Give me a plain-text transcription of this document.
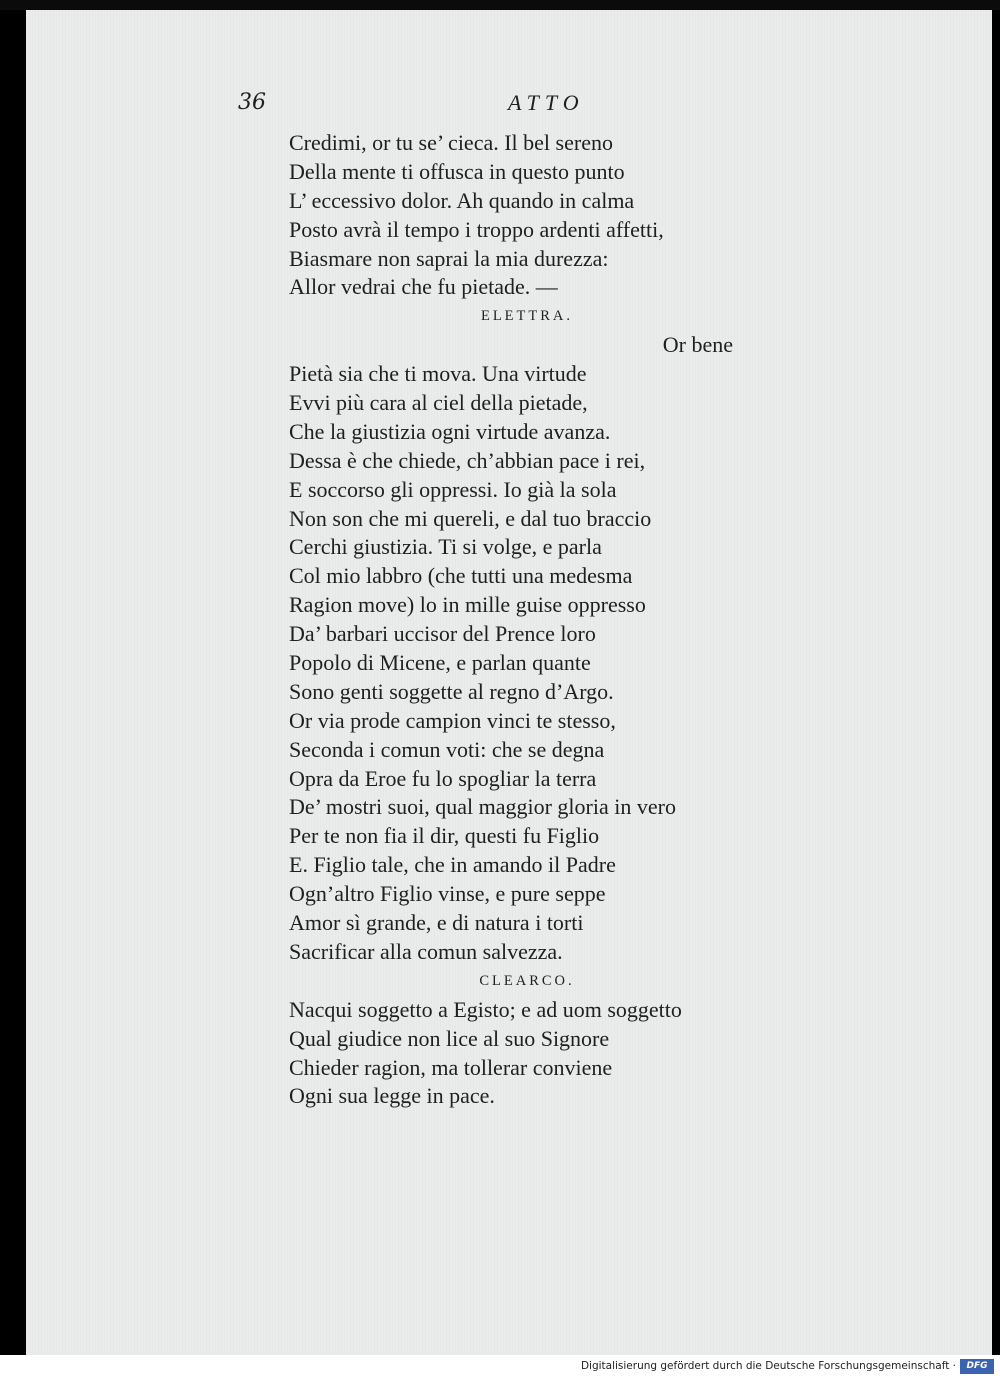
36	ATTO
Credimi, or tu se’ cieca. Il bel sereno
Della mente ti offusca in questo punto
L’ eccessivo dolor. Ah quando in calma
Posto avrà il tempo i troppo ardenti affetti,
Biasmare non saprai la mia durezza:
Allor vedrai che fu pietade. —
ELETTRA.
Or bene
Pietà sia che ti mova. Una virtude
Evvi più cara al ciel della pietade,
Che la giustizia ogni virtude avanza.
Dessa è che chiede, ch’abbian pace i rei,
E soccorso gli oppressi. Io già la sola
Non son che mi quereli, e dal tuo braccio
Cerchi giustizia. Ti si volge, e parla
Col mio labbro (che tutti una medesma
Ragion move) lo in mille guise oppresso
Da’ barbari uccisor del Prence loro
Popolo di Micene, e parlan quante
Sono genti soggette al regno d’Argo.
Or via prode campion vinci te stesso,
Seconda i comun voti: che se degna
Opra da Eroe fu lo spogliar la terra
De’ mostri suoi, qual maggior gloria in vero
Per te non fia il dir, questi fu Figlio
E. Figlio tale, che in amando il Padre
Ogn’altro Figlio vinse, e pure seppe
Amor sì grande, e di natura i torti
Sacrificar alla comun salvezza.
CLEARCO.
Nacqui soggetto a Egisto; e ad uom soggetto
Qual giudice non lice al suo Signore
Chieder ragion, ma tollerar conviene
Ogni sua legge in pace.
Digitalisierung gefördert durch die Deutsche Forschungsgemeinschaft ·	DFG
